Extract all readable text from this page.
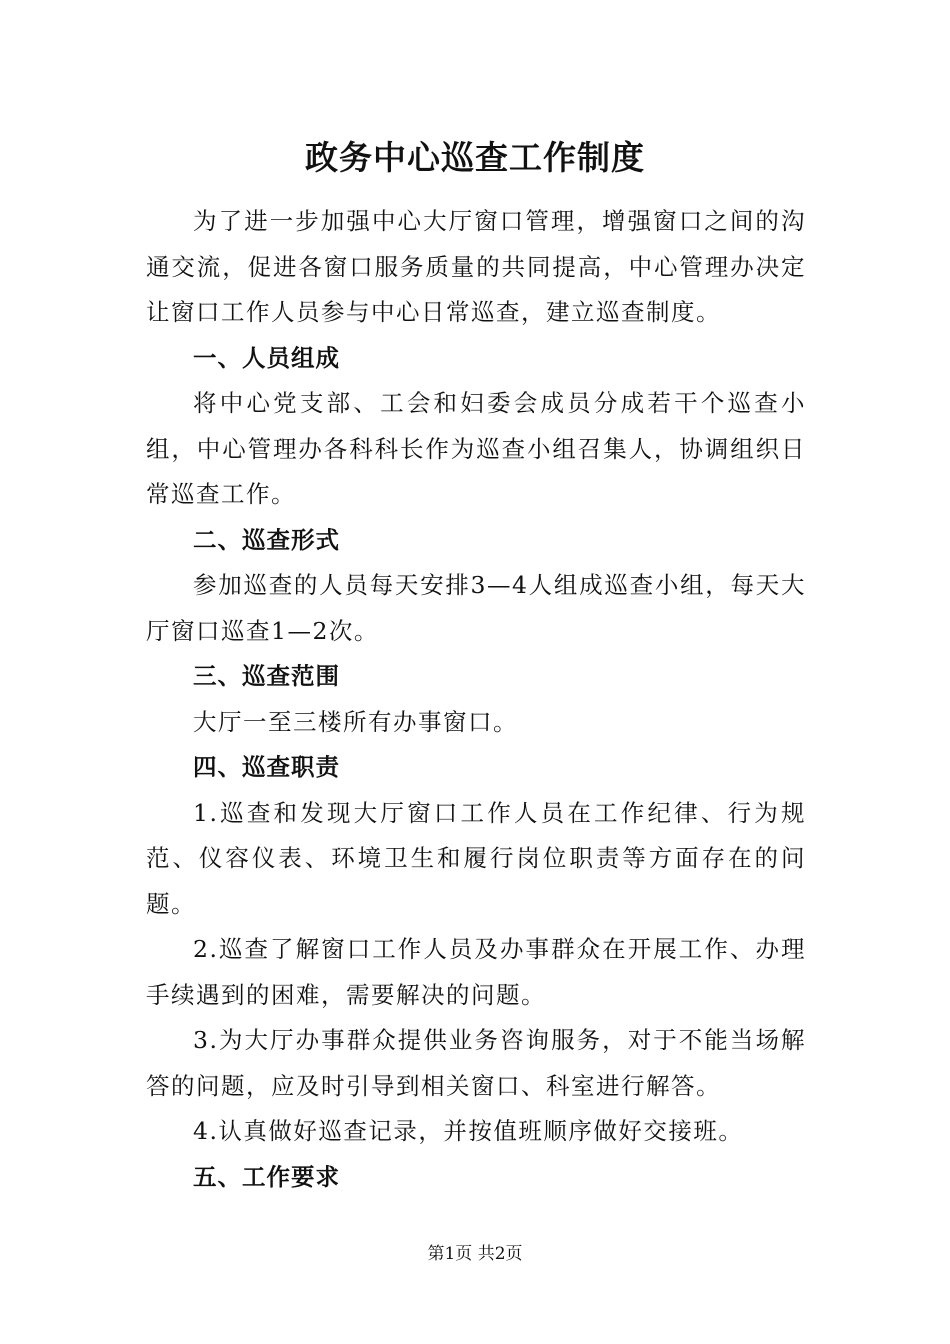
政务中心巡查工作制度

为了进一步加强中心大厅窗口管理，增强窗口之间的沟通交流，促进各窗口服务质量的共同提高，中心管理办决定让窗口工作人员参与中心日常巡查，建立巡查制度。

一、人员组成

将中心党支部、工会和妇委会成员分成若干个巡查小组，中心管理办各科科长作为巡查小组召集人，协调组织日常巡查工作。

二、巡查形式

参加巡查的人员每天安排3—4人组成巡查小组，每天大厅窗口巡查1—2次。

三、巡查范围

大厅一至三楼所有办事窗口。

四、巡查职责

1.巡查和发现大厅窗口工作人员在工作纪律、行为规范、仪容仪表、环境卫生和履行岗位职责等方面存在的问题。

2.巡查了解窗口工作人员及办事群众在开展工作、办理手续遇到的困难，需要解决的问题。

3.为大厅办事群众提供业务咨询服务，对于不能当场解答的问题，应及时引导到相关窗口、科室进行解答。

4.认真做好巡查记录，并按值班顺序做好交接班。

五、工作要求

第1页 共2页
